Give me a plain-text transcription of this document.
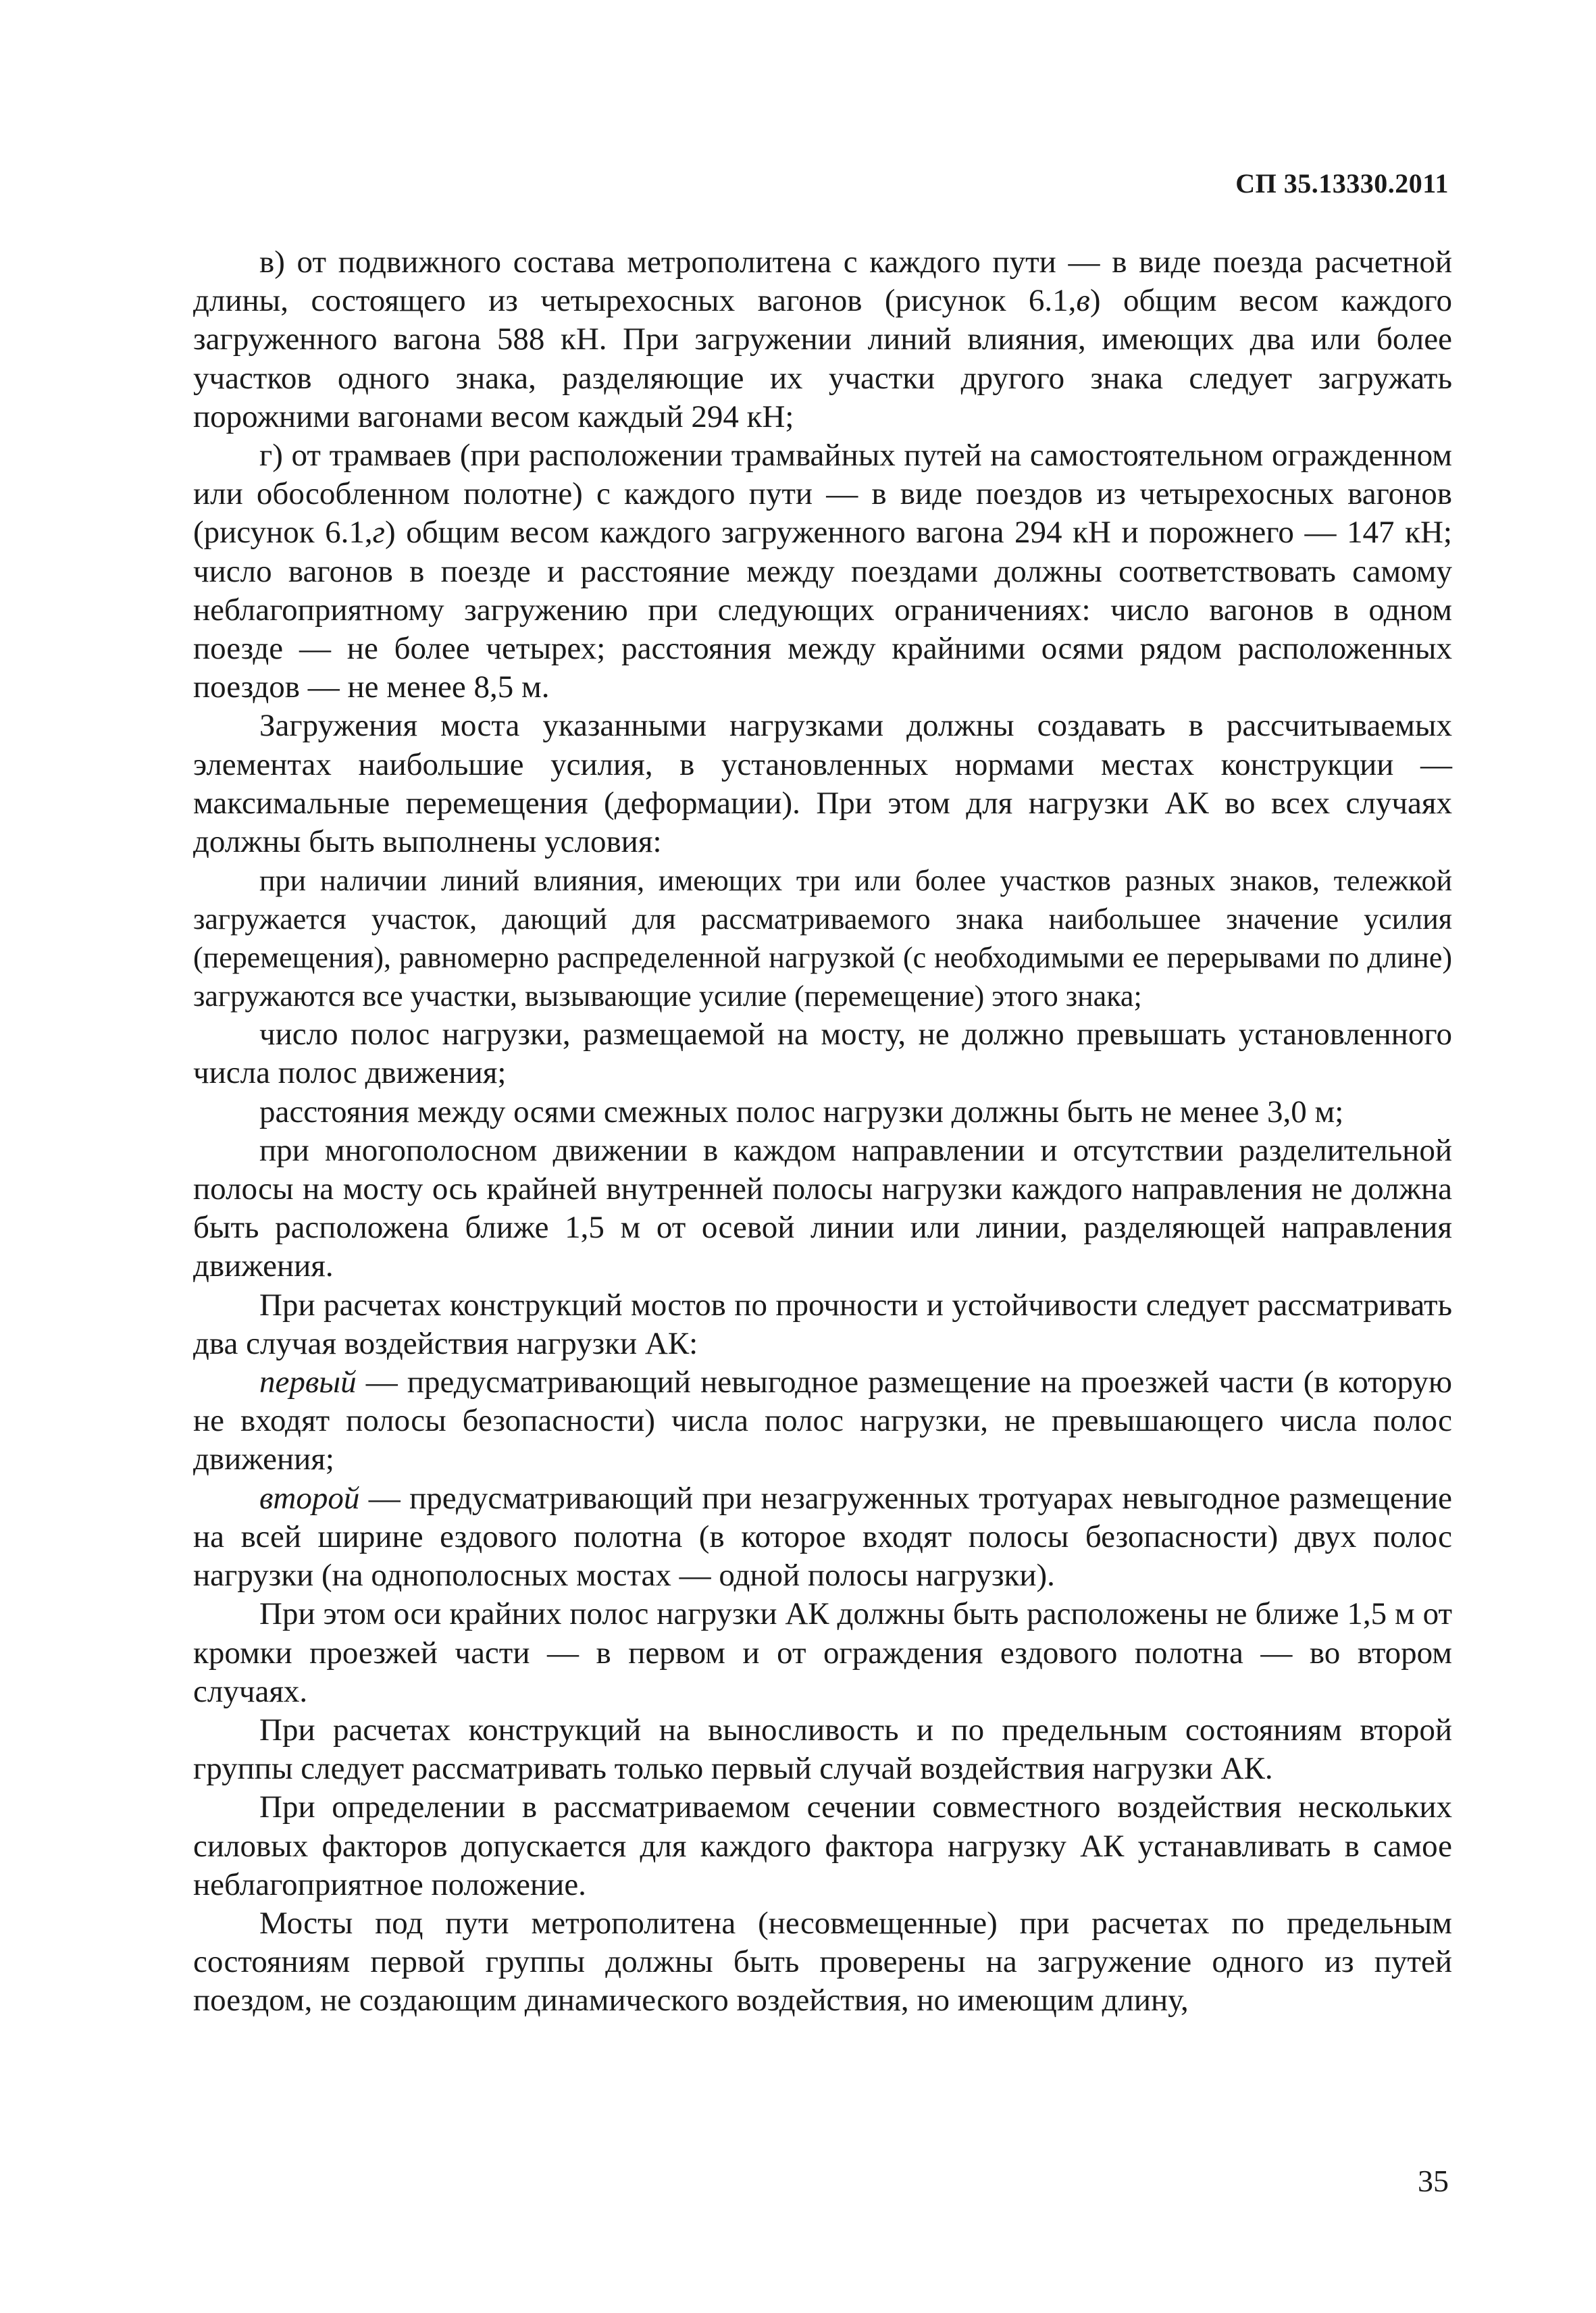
СП 35.13330.2011

в) от подвижного состава метрополитена с каждого пути — в виде поезда расчетной длины, состоящего из четырехосных вагонов (рисунок 6.1,в) общим весом каждого загруженного вагона 588 кН. При загружении линий влияния, имеющих два или более участков одного знака, разделяющие их участки другого знака следует загружать порожними вагонами весом каждый 294 кН;

г) от трамваев (при расположении трамвайных путей на самостоятельном огражденном или обособленном полотне) с каждого пути — в виде поездов из четырехосных вагонов (рисунок 6.1,г) общим весом каждого загруженного вагона 294 кН и порожнего — 147 кН; число вагонов в поезде и расстояние между поездами должны соответствовать самому неблагоприятному загружению при следующих ограничениях: число вагонов в одном поезде — не более четырех; расстояния между крайними осями рядом расположенных поездов — не менее 8,5 м.

Загружения моста указанными нагрузками должны создавать в рассчитываемых элементах наибольшие усилия, в установленных нормами местах конструкции — максимальные перемещения (деформации). При этом для нагрузки АК во всех случаях должны быть выполнены условия:

при наличии линий влияния, имеющих три или более участков разных знаков, тележкой загружается участок, дающий для рассматриваемого знака наибольшее значение усилия (перемещения), равномерно распределенной нагрузкой (с необходимыми ее перерывами по длине) загружаются все участки, вызывающие усилие (перемещение) этого знака;

число полос нагрузки, размещаемой на мосту, не должно превышать установленного числа полос движения;

расстояния между осями смежных полос нагрузки должны быть не менее 3,0 м;

при многополосном движении в каждом направлении и отсутствии разделительной полосы на мосту ось крайней внутренней полосы нагрузки каждого направления не должна быть расположена ближе 1,5 м от осевой линии или линии, разделяющей направления движения.

При расчетах конструкций мостов по прочности и устойчивости следует рассматривать два случая воздействия нагрузки АК:

первый — предусматривающий невыгодное размещение на проезжей части (в которую не входят полосы безопасности) числа полос нагрузки, не превышающего числа полос движения;

второй — предусматривающий при незагруженных тротуарах невыгодное размещение на всей ширине ездового полотна (в которое входят полосы безопасности) двух полос нагрузки (на однополосных мостах — одной полосы нагрузки).

При этом оси крайних полос нагрузки АК должны быть расположены не ближе 1,5 м от кромки проезжей части — в первом и от ограждения ездового полотна — во втором случаях.

При расчетах конструкций на выносливость и по предельным состояниям второй группы следует рассматривать только первый случай воздействия нагрузки АК.

При определении в рассматриваемом сечении совместного воздействия нескольких силовых факторов допускается для каждого фактора нагрузку АК устанавливать в самое неблагоприятное положение.

Мосты под пути метрополитена (несовмещенные) при расчетах по предельным состояниям первой группы должны быть проверены на загружение одного из путей поездом, не создающим динамического воздействия, но имеющим длину,

35
